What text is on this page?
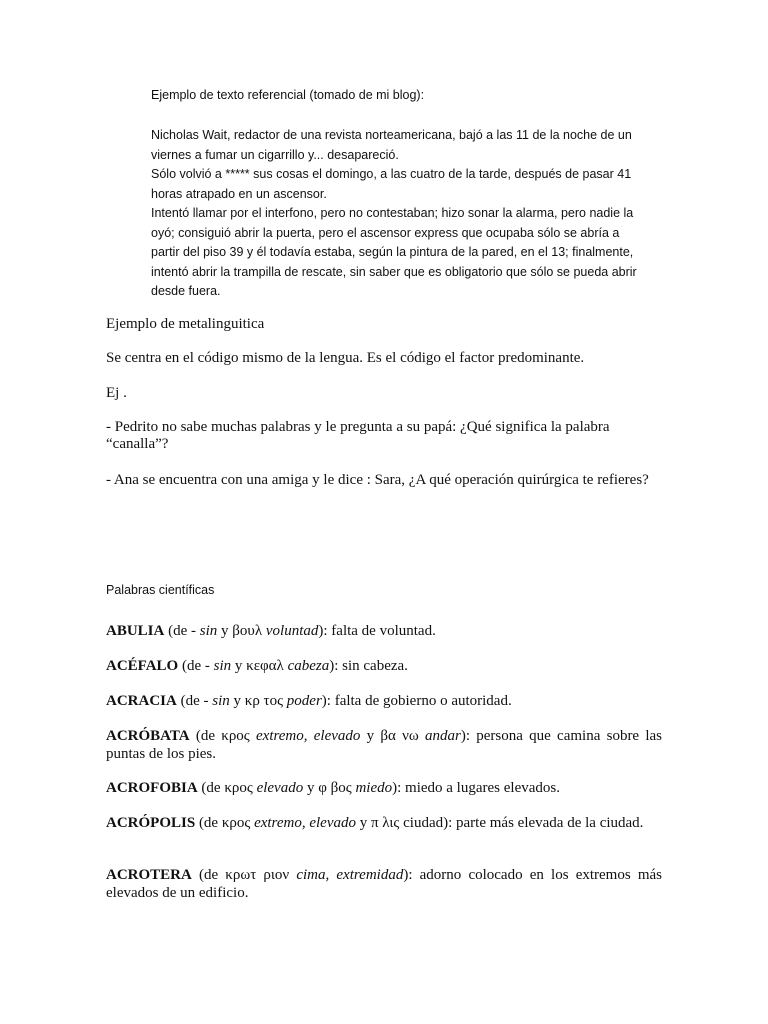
Ejemplo de texto referencial (tomado de mi blog):

Nicholas Wait, redactor de una revista norteamericana, bajó a las 11 de la noche de un viernes a fumar un cigarrillo y... desapareció.

Sólo volvió a ***** sus cosas el domingo, a las cuatro de la tarde, después de pasar 41 horas atrapado en un ascensor.

Intentó llamar por el interfono, pero no contestaban; hizo sonar la alarma, pero nadie la oyó; consiguió abrir la puerta, pero el ascensor express que ocupaba sólo se abría a partir del piso 39 y él todavía estaba, según la pintura de la pared, en el 13; finalmente, intentó abrir la trampilla de rescate, sin saber que es obligatorio que sólo se pueda abrir desde fuera.

Ejemplo de metalinguitica
Se centra en el código mismo de la lengua. Es el código el factor predominante.
Ej .
- Pedrito no sabe muchas palabras y le pregunta a su papá: ¿Qué significa la palabra “canalla”?
- Ana se encuentra con una amiga y le dice : Sara, ¿A qué operación quirúrgica te refieres?
Palabras científicas
ABULIA (de - sin y βουλ voluntad): falta de voluntad.
ACÉFALO (de - sin y κεφαλ cabeza): sin cabeza.
ACRACIA (de - sin y κρ τος poder): falta de gobierno o autoridad.
ACRÓBATA (de κρος extremo, elevado y βα νω andar): persona que camina sobre las puntas de los pies.
ACROFOBIA (de κρος elevado y φ βος miedo): miedo a lugares elevados.
ACRÓPOLIS (de κρος extremo, elevado y π λις ciudad): parte más elevada de la ciudad.
ACROTERA (de κρωτ ριον cima, extremidad): adorno colocado en los extremos más elevados de un edificio.
